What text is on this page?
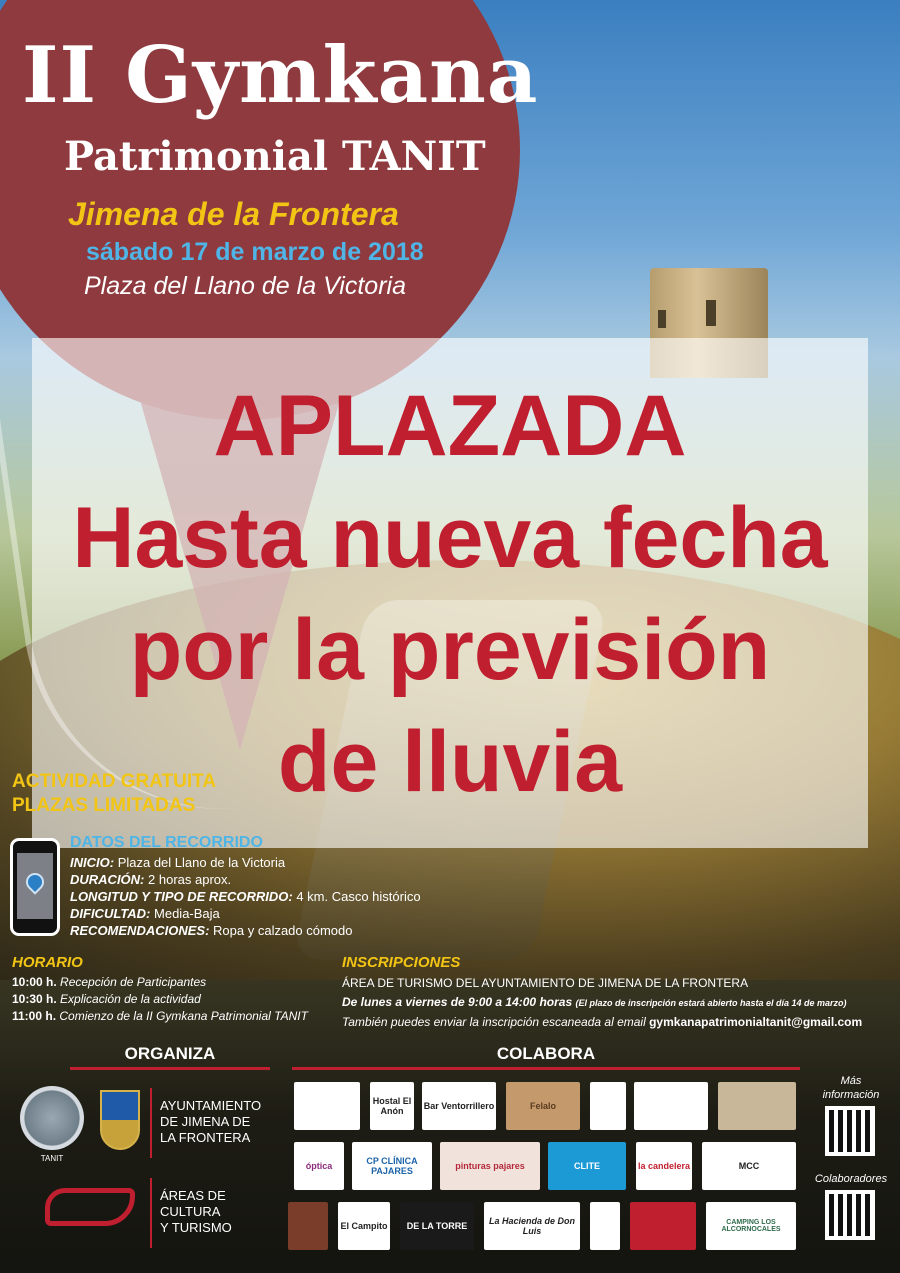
II Gymkana
Patrimonial TANIT
Jimena de la Frontera
sábado 17 de marzo de 2018
Plaza del Llano de la Victoria
APLAZADA
Hasta nueva fecha
por la previsión
de lluvia
ACTIVIDAD GRATUITA
PLAZAS LIMITADAS
DATOS DEL RECORRIDO
INICIO: Plaza del Llano de la Victoria
DURACIÓN: 2 horas aprox.
LONGITUD Y TIPO DE RECORRIDO: 4 km. Casco histórico
DIFICULTAD: Media-Baja
RECOMENDACIONES: Ropa y calzado cómodo
HORARIO
10:00 h. Recepción de Participantes
10:30 h. Explicación de la actividad
11:00 h. Comienzo de la II Gymkana Patrimonial TANIT
INSCRIPCIONES
ÁREA DE TURISMO DEL AYUNTAMIENTO DE JIMENA DE LA FRONTERA
De lunes a viernes de 9:00 a 14:00 horas (El plazo de inscripción estará abierto hasta el día 14 de marzo)
También puedes enviar la inscripción escaneada al email gymkanapatrimonialtanit@gmail.com
ORGANIZA	COLABORA
TANIT
AYUNTAMIENTO
DE JIMENA DE
LA FRONTERA
ÁREAS DE
CULTURA
Y TURISMO
Hostal El Anón	Bar Ventorrillero	Felalo
óptica	CP CLÍNICA PAJARES	pinturas pajares	CLITE	la candelera	MCC
El Campito	DE LA TORRE	La Hacienda de Don Luis
CAMPING LOS ALCORNOCALES
Más
información
Colaboradores
